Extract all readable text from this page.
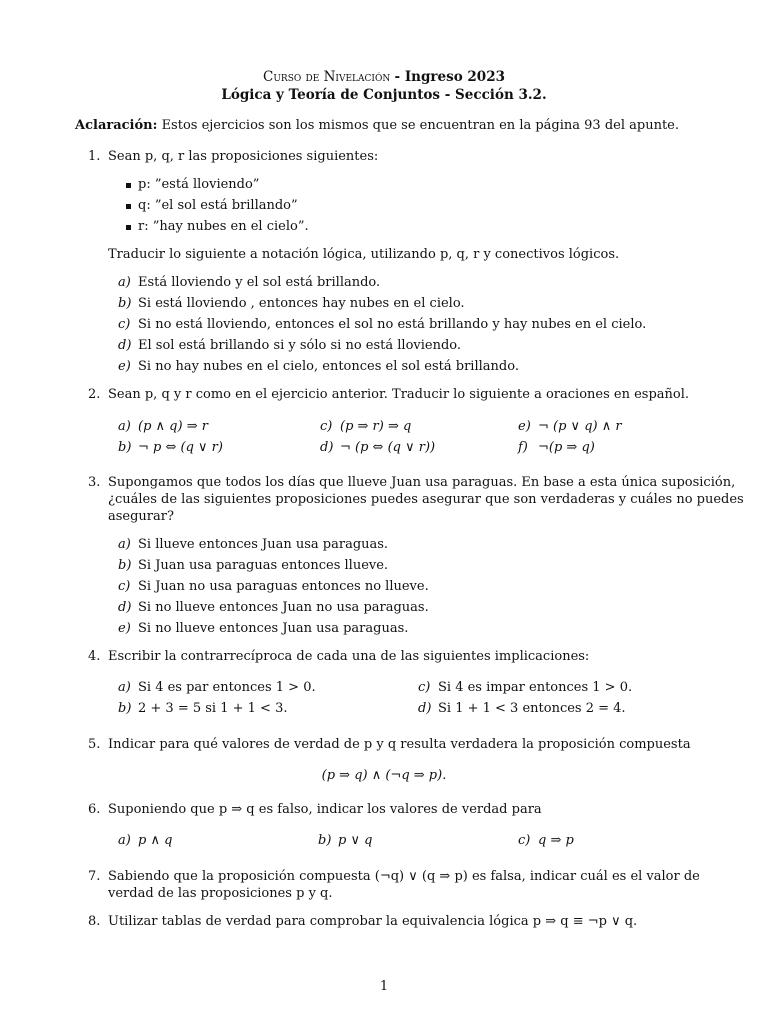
Curso de Nivelación - Ingreso 2023
Lógica y Teoría de Conjuntos - Sección 3.2.
Aclaración: Estos ejercicios son los mismos que se encuentran en la página 93 del apunte.
1. Sean p, q, r las proposiciones siguientes:
p: ”está lloviendo”
q: ”el sol está brillando”
r: ”hay nubes en el cielo”.
Traducir lo siguiente a notación lógica, utilizando p, q, r y conectivos lógicos.
a) Está lloviendo y el sol está brillando.
b) Si está lloviendo , entonces hay nubes en el cielo.
c) Si no está lloviendo, entonces el sol no está brillando y hay nubes en el cielo.
d) El sol está brillando si y sólo si no está lloviendo.
e) Si no hay nubes en el cielo, entonces el sol está brillando.
2. Sean p, q y r como en el ejercicio anterior. Traducir lo siguiente a oraciones en español.
a) (p ∧ q) ⇒ r	c) (p ⇒ r) ⇒ q	e) ¬ (p ∨ q) ∧ r
b) ¬ p ⇔ (q ∨ r)	d) ¬ (p ⇔ (q ∨ r))	f) ¬(p ⇒ q)
3. Supongamos que todos los días que llueve Juan usa paraguas. En base a esta única suposición,
¿cuáles de las siguientes proposiciones puedes asegurar que son verdaderas y cuáles no puedes
asegurar?
a) Si llueve entonces Juan usa paraguas.
b) Si Juan usa paraguas entonces llueve.
c) Si Juan no usa paraguas entonces no llueve.
d) Si no llueve entonces Juan no usa paraguas.
e) Si no llueve entonces Juan usa paraguas.
4. Escribir la contrarrecíproca de cada una de las siguientes implicaciones:
a) Si 4 es par entonces 1 > 0.	c) Si 4 es impar entonces 1 > 0.
b) 2 + 3 = 5 si 1 + 1 < 3.	d) Si 1 + 1 < 3 entonces 2 = 4.
5. Indicar para qué valores de verdad de p y q resulta verdadera la proposición compuesta
(p ⇒ q) ∧ (¬q ⇒ p).
6. Suponiendo que p ⇒ q es falso, indicar los valores de verdad para
a) p ∧ q	b) p ∨ q	c) q ⇒ p
7. Sabiendo que la proposición compuesta (¬q) ∨ (q ⇒ p) es falsa, indicar cuál es el valor de
verdad de las proposiciones p y q.
8. Utilizar tablas de verdad para comprobar la equivalencia lógica p ⇒ q ≡ ¬p ∨ q.
1
